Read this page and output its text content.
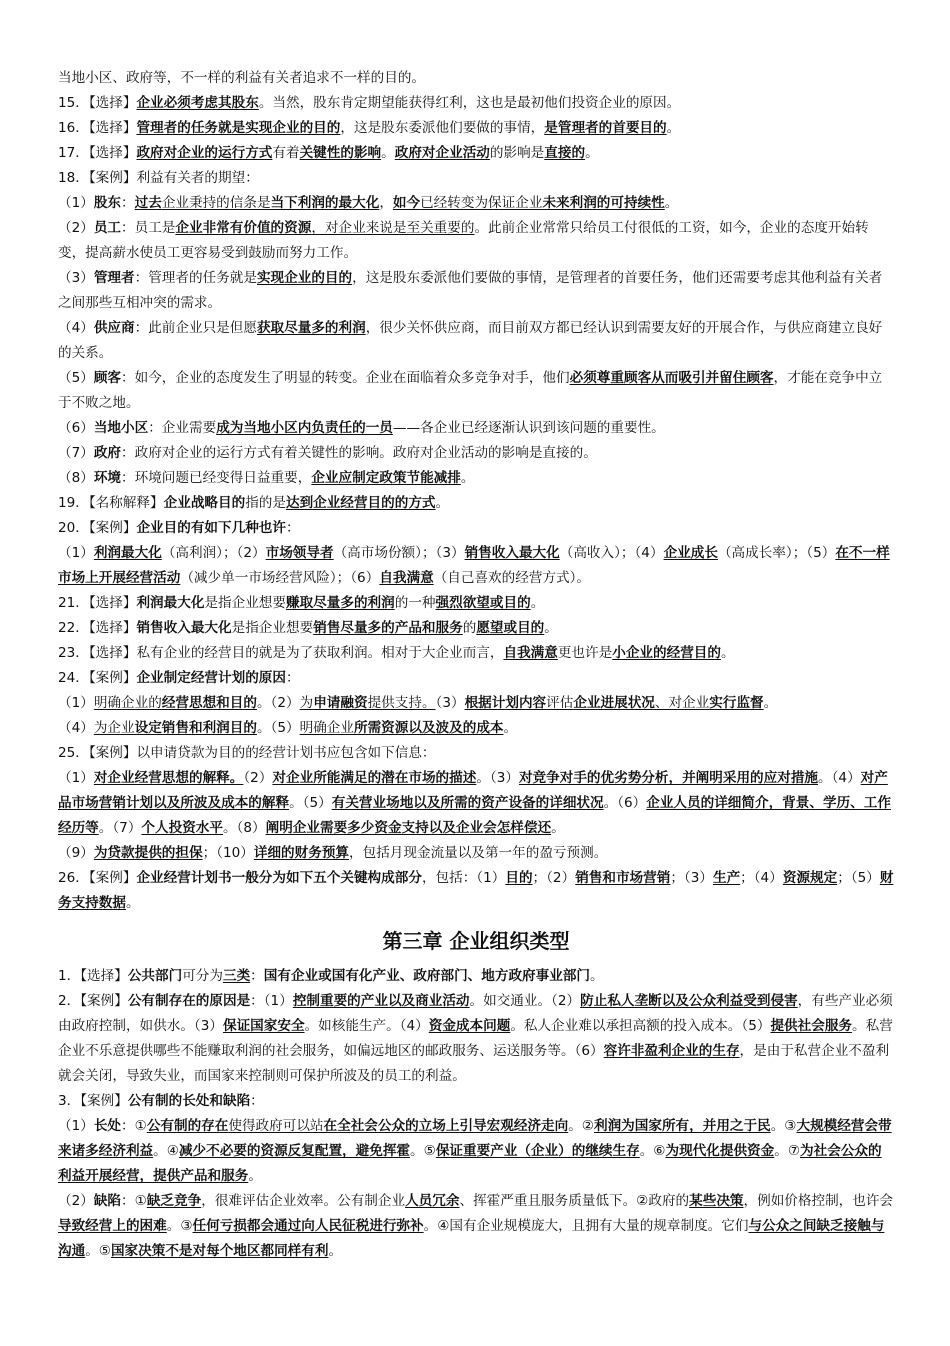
当地小区、政府等，不一样的利益有关者追求不一样的目的。
15．【选择】企业必须考虑其股东。当然，股东肯定期望能获得红利，这也是最初他们投资企业的原因。
16．【选择】管理者的任务就是实现企业的目的，这是股东委派他们要做的事情，是管理者的首要目的。
17．【选择】政府对企业的运行方式有着关键性的影响。政府对企业活动的影响是直接的。
18．【案例】利益有关者的期望：
（1）股东：过去企业秉持的信条是当下利润的最大化，如今已经转变为保证企业未来利润的可持续性。
（2）员工：员工是企业非常有价值的资源，对企业来说是至关重要的。此前企业常常只给员工付很低的工资，如今，企业的态度开始转变，提高薪水使员工更容易受到鼓励而努力工作。
（3）管理者：管理者的任务就是实现企业的目的，这是股东委派他们要做的事情，是管理者的首要任务，他们还需要考虑其他利益有关者之间那些互相冲突的需求。
（4）供应商：此前企业只是但愿获取尽量多的利润，很少关怀供应商，而目前双方都已经认识到需要友好的开展合作，与供应商建立良好的关系。
（5）顾客：如今，企业的态度发生了明显的转变。企业在面临着众多竞争对手，他们必须尊重顾客从而吸引并留住顾客，才能在竞争中立于不败之地。
（6）当地小区：企业需要成为当地小区内负责任的一员——各企业已经逐渐认识到该问题的重要性。
（7）政府：政府对企业的运行方式有着关键性的影响。政府对企业活动的影响是直接的。
（8）环境：环境问题已经变得日益重要，企业应制定政策节能减排。
19．【名称解释】企业战略目的指的是达到企业经营目的的方式。
20．【案例】企业目的有如下几种也许：
（1）利润最大化（高利润）；（2）市场领导者（高市场份额）；（3）销售收入最大化（高收入）；（4）企业成长（高成长率）；（5）在不一样市场上开展经营活动（减少单一市场经营风险）；（6）自我满意（自己喜欢的经营方式）。
21．【选择】利润最大化是指企业想要赚取尽量多的利润的一种强烈欲望或目的。
22．【选择】销售收入最大化是指企业想要销售尽量多的产品和服务的愿望或目的。
23．【选择】私有企业的经营目的就是为了获取利润。相对于大企业而言，自我满意更也许是小企业的经营目的。
24．【案例】企业制定经营计划的原因：
（1）明确企业的经营思想和目的。（2）为申请融资提供支持。（3）根据计划内容评估企业进展状况、对企业实行监督。
（4）为企业设定销售和利润目的。（5）明确企业所需资源以及波及的成本。
25．【案例】以申请贷款为目的的经营计划书应包含如下信息：
（1）对企业经营思想的解释。（2）对企业所能满足的潜在市场的描述。（3）对竞争对手的优劣势分析，并阐明采用的应对措施。（4）对产品市场营销计划以及所波及成本的解释。（5）有关营业场地以及所需的资产设备的详细状况。（6）企业人员的详细简介，背景、学历、工作经历等。（7）个人投资水平。（8）阐明企业需要多少资金支持以及企业会怎样偿还。
（9）为贷款提供的担保；（10）详细的财务预算，包括月现金流量以及第一年的盈亏预测。
26．【案例】企业经营计划书一般分为如下五个关键构成部分，包括：（1）目的；（2）销售和市场营销；（3）生产；（4）资源规定；（5）财务支持数据。
第三章 企业组织类型
1．【选择】公共部门可分为三类：国有企业或国有化产业、政府部门、地方政府事业部门。
2．【案例】公有制存在的原因是：（1）控制重要的产业以及商业活动。如交通业。（2）防止私人垄断以及公众利益受到侵害，有些产业必须由政府控制，如供水。（3）保证国家安全。如核能生产。（4）资金成本问题。私人企业难以承担高额的投入成本。（5）提供社会服务。私营企业不乐意提供哪些不能赚取利润的社会服务，如偏远地区的邮政服务、运送服务等。（6）容许非盈利企业的生存，是由于私营企业不盈利就会关闭，导致失业，而国家来控制则可保护所波及的员工的利益。
3．【案例】公有制的长处和缺陷：
（1）长处：①公有制的存在使得政府可以站在全社会公众的立场上引导宏观经济走向。②利润为国家所有，并用之于民。③大规模经营会带来诸多经济利益。④减少不必要的资源反复配置，避免挥霍。⑤保证重要产业（企业）的继续生存。⑥为现代化提供资金。⑦为社会公众的利益开展经营，提供产品和服务。
（2）缺陷：①缺乏竞争，很难评估企业效率。公有制企业人员冗余、挥霍严重且服务质量低下。②政府的某些决策，例如价格控制，也许会导致经营上的困难。③任何亏损都会通过向人民征税进行弥补。④国有企业规模庞大，且拥有大量的规章制度。它们与公众之间缺乏接触与沟通。⑤国家决策不是对每个地区都同样有利。
